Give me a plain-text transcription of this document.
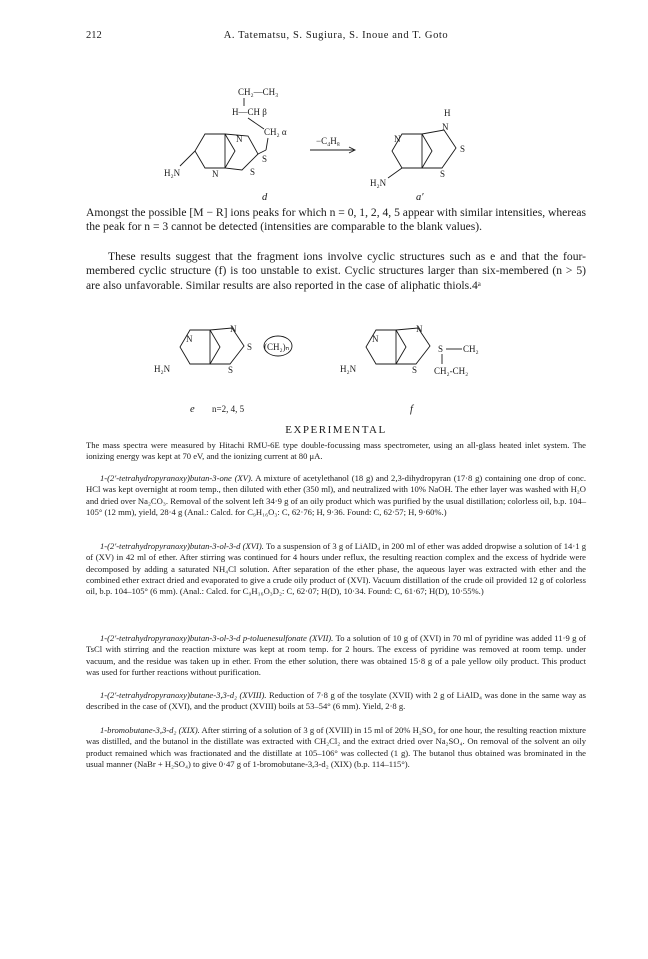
212	A. Tatematsu, S. Sugiura, S. Inoue and T. Goto
CH₂—CH₃
H—CH β
CH₂ α
N
N	S
S
H₂N
d
−C₄H₈
H
N
N
S
S
H₂N
a′

Amongst the possible [M − R] ions peaks for which n = 0, 1, 2, 4, 5 appear with similar intensities, whereas the peak for n = 3 cannot be detected (intensities are comparable to the blank values).

These results suggest that the fragment ions involve cyclic structures such as e and that the four-membered cyclic structure (f) is too unstable to exist. Cyclic structures larger than six-membered (n > 5) are also unfavorable. Similar results are also reported in the case of aliphatic thiols.4ᵃ

N
N
S
S (CH₂)ₙ
H₂N
e n=2, 4, 5
N
N
S
S CH₂
CH₂-CH₂
H₂N
f
EXPERIMENTAL

The mass spectra were measured by Hitachi RMU-6E type double-focussing mass spectrometer, using an all-glass heated inlet system. The ionizing energy was kept at 70 eV, and the ionizing current at 80 μA.

1-(2′-tetrahydropyranoxy)butan-3-one (XV). A mixture of acetylethanol (18 g) and 2,3-dihydropyran (17·8 g) containing one drop of conc. HCl was kept overnight at room temp., then diluted with ether (350 ml), and neutralized with 10% NaOH. The ether layer was washed with H₂O and dried over Na₂CO₃. Removal of the solvent left 34·9 g of an oily product which was purified by the usual distillation; colorless oil, b.p. 104–105° (12 mm), yield, 28·4 g (Anal.: Calcd. for C₉H₁₆O₃: C, 62·76; H, 9·36. Found: C, 62·57; H, 9·60%.)

1-(2′-tetrahydropyranoxy)butan-3-ol-3-d (XVI). To a suspension of 3 g of LiAlD₄ in 200 ml of ether was added dropwise a solution of 14·1 g of (XV) in 42 ml of ether. After stirring was continued for 4 hours under reflux, the resulting reaction complex and the excess of hydride were decomposed by adding a saturated NH₄Cl solution. After separation of the ether phase, the aqueous layer was extracted with ether and the combined ether extract dried and evaporated to give a crude oily product of (XVI). Vacuum distillation of the crude oil provided 12 g of colorless oil, b.p. 104–105° (6 mm). (Anal.: Calcd. for C₉H₁₆O₃D₂: C, 62·07; H(D), 10·34. Found: C, 61·67; H(D), 10·55%.)

1-(2′-tetrahydropyranoxy)butan-3-ol-3-d p-toluenesulfonate (XVII). To a solution of 10 g of (XVI) in 70 ml of pyridine was added 11·9 g of TsCl with stirring and the reaction mixture was kept at room temp. for 2 hours. The excess of pyridine was removed at room temp. under vacuum, and the residue was taken up in ether. From the ether solution, there was obtained 15·8 g of a pale yellow oily product. This product was used for further reactions without purification.

1-(2′-tetrahydropyranoxy)butane-3,3-d₂ (XVIII). Reduction of 7·8 g of the tosylate (XVII) with 2 g of LiAlD₄ was done in the same way as described in the case of (XVI), and the product (XVIII) boils at 53–54° (6 mm). Yield, 2·8 g.

1-bromobutane-3,3-d₂ (XIX). After stirring of a solution of 3 g of (XVIII) in 15 ml of 20% H₂SO₄ for one hour, the resulting reaction mixture was distilled, and the butanol in the distillate was extracted with CH₂Cl₂ and the extract dried over Na₂SO₄. On removal of the solvent an oily product remained which was fractionated and the distillate at 105–106° was collected (1 g). The butanol thus obtained was brominated in the usual manner (NaBr + H₂SO₄) to give 0·47 g of 1-bromobutane-3,3-d₂ (XIX) (b.p. 114–115°).
